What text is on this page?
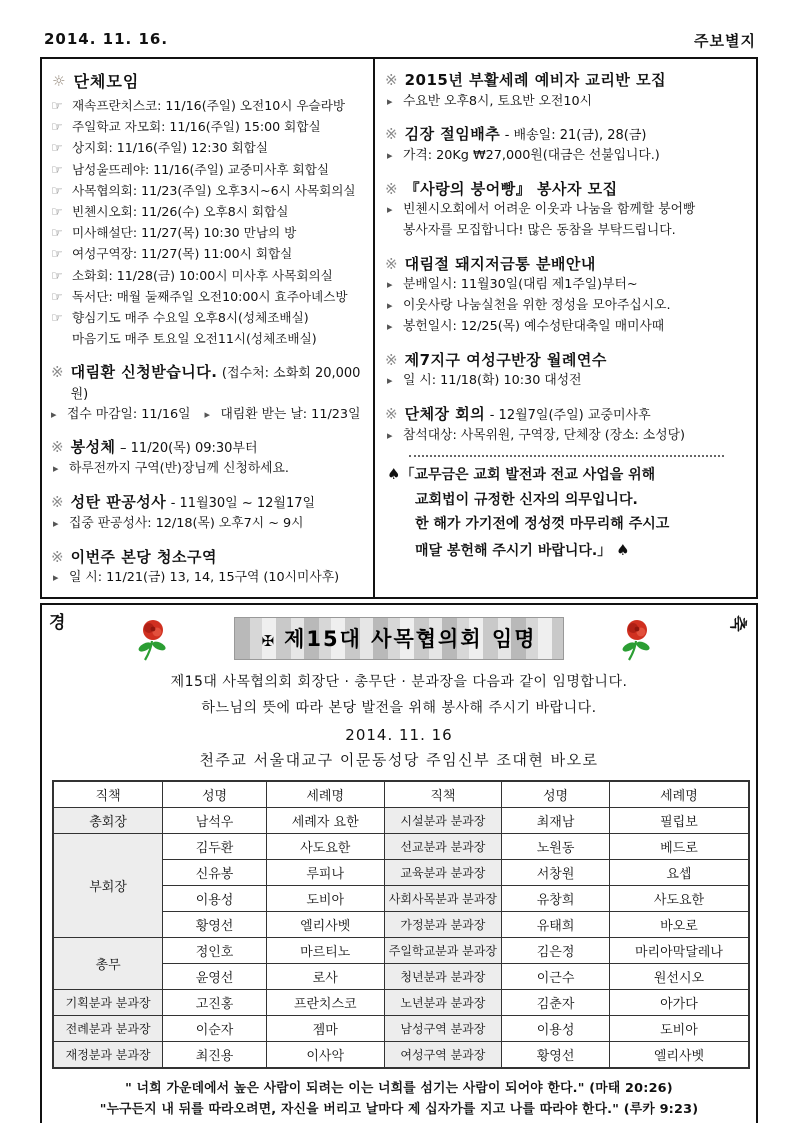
2014. 11. 16.	주보별지
☼ 단체모임
☞ 재속프란치스코: 11/16(주일) 오전10시 우슬라방
☞ 주일학교 자모회: 11/16(주일) 15:00 회합실
☞ 상지회: 11/16(주일) 12:30 회합실
☞ 남성울뜨레야: 11/16(주일) 교중미사후 회합실
☞ 사목협의회: 11/23(주일) 오후3시~6시 사목회의실
☞ 빈첸시오회: 11/26(수) 오후8시 회합실
☞ 미사해설단: 11/27(목) 10:30 만남의 방
☞ 여성구역장: 11/27(목) 11:00시 회합실
☞ 소화회: 11/28(금) 10:00시 미사후 사목회의실
☞ 독서단: 매월 둘째주일 오전10:00시 효주아녜스방
☞ 향심기도 매주 수요일 오후8시(성체조배실)
마음기도 매주 토요일 오전11시(성체조배실)
※ 대림환 신청받습니다. (접수처: 소화회 20,000원)
▸ 접수 마감일: 11/16일 ▸ 대림환 받는 날: 11/23일
※ 봉성체 – 11/20(목) 09:30부터
▸ 하루전까지 구역(반)장님께 신청하세요.
※ 성탄 판공성사 - 11월30일 ~ 12월17일
▸ 집중 판공성사: 12/18(목) 오후7시 ~ 9시
※ 이번주 본당 청소구역
▸ 일 시: 11/21(금) 13, 14, 15구역 (10시미사후)
※ 2015년 부활세례 예비자 교리반 모집
▸ 수요반 오후8시, 토요반 오전10시
※ 김장 절임배추 - 배송일: 21(금), 28(금)
▸ 가격: 20Kg ₩27,000원(대금은 선불입니다.)
※ 『사랑의 붕어빵』 봉사자 모집
▸ 빈첸시오회에서 어려운 이웃과 나눔을 함께할 붕어빵
봉사자를 모집합니다! 많은 동참을 부탁드립니다.
※ 대림절 돼지저금통 분배안내
▸ 분배일시: 11월30일(대림 제1주일)부터~
▸ 이웃사랑 나눔실천을 위한 정성을 모아주십시오.
▸ 봉헌일시: 12/25(목) 예수성탄대축일 매미사때
※ 제7지구 여성구반장 월례연수
▸ 일 시: 11/18(화) 10:30 대성전
※ 단체장 회의 - 12월7일(주일) 교중미사후
▸ 참석대상: 사목위원, 구역장, 단체장 (장소: 소성당)
♠「교무금은 교회 발전과 전교 사업을 위해
교회법이 규정한 신자의 의무입니다.
한 해가 가기전에 정성껏 마무리해 주시고
매달 봉헌해 주시기 바랍니다.」 ♠
경	축
✠ 제15대 사목협의회 임명
제15대 사목협의회 회장단 · 총무단 · 분과장을 다음과 같이 임명합니다.
하느님의 뜻에 따라 본당 발전을 위해 봉사해 주시기 바랍니다.
2014. 11. 16
천주교 서울대교구 이문동성당 주임신부 조대현 바오로
직책	성명	세례명	직책	성명	세례명
총회장	남석우	세례자 요한	시설분과 분과장	최재남	필립보
부회장	김두환	사도요한	선교분과 분과장	노원동	베드로
	신유봉	루피나	교육분과 분과장	서창원	요셉
	이용성	도비아	사회사목분과 분과장	유창희	사도요한
	황영선	엘리사벳	가정분과 분과장	유태희	바오로
총무	정인호	마르티노	주일학교분과 분과장	김은정	마리아막달레나
	윤영선	로사	청년분과 분과장	이근수	원선시오
기획분과 분과장	고진홍	프란치스코	노년분과 분과장	김춘자	아가다
전례분과 분과장	이순자	젬마	남성구역 분과장	이용성	도비아
재정분과 분과장	최진용	이사악	여성구역 분과장	황영선	엘리사벳
" 너희 가운데에서 높은 사람이 되려는 이는 너희를 섬기는 사람이 되어야 한다." (마태 20:26)
"누구든지 내 뒤를 따라오려면, 자신을 버리고 날마다 제 십자가를 지고 나를 따라야 한다." (루카 9:23)
